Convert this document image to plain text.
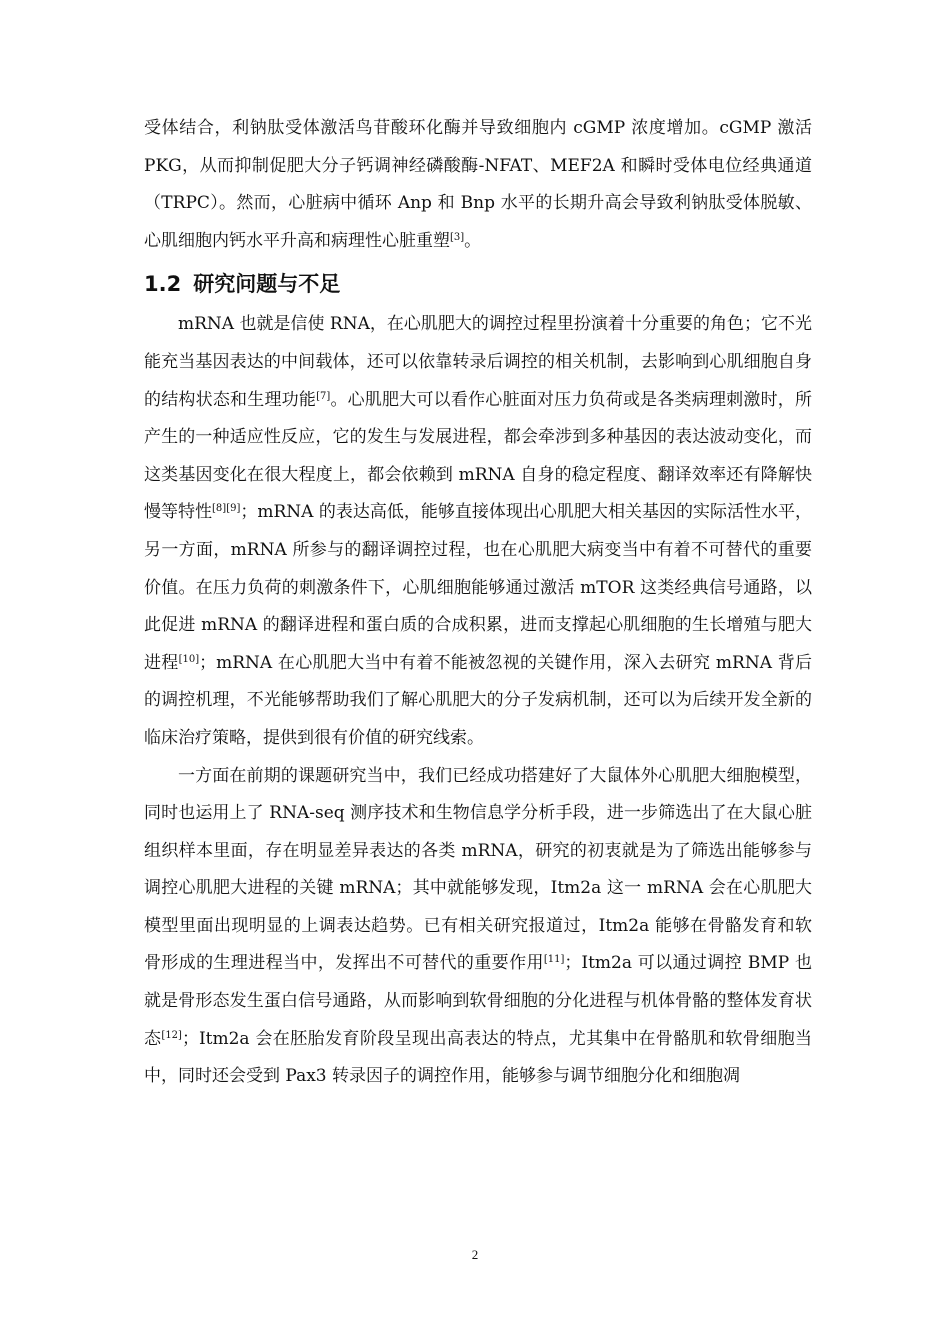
受体结合，利钠肽受体激活鸟苷酸环化酶并导致细胞内 cGMP 浓度增加。cGMP 激活 PKG，从而抑制促肥大分子钙调神经磷酸酶-NFAT、MEF2A 和瞬时受体电位经典通道（TRPC）。然而，心脏病中循环 Anp 和 Bnp 水平的长期升高会导致利钠肽受体脱敏、心肌细胞内钙水平升高和病理性心脏重塑[3]。

1.2 研究问题与不足

mRNA 也就是信使 RNA，在心肌肥大的调控过程里扮演着十分重要的角色；它不光能充当基因表达的中间载体，还可以依靠转录后调控的相关机制，去影响到心肌细胞自身的结构状态和生理功能[7]。心肌肥大可以看作心脏面对压力负荷或是各类病理刺激时，所产生的一种适应性反应，它的发生与发展进程，都会牵涉到多种基因的表达波动变化，而这类基因变化在很大程度上，都会依赖到 mRNA 自身的稳定程度、翻译效率还有降解快慢等特性[8][9]；mRNA 的表达高低，能够直接体现出心肌肥大相关基因的实际活性水平，另一方面，mRNA 所参与的翻译调控过程，也在心肌肥大病变当中有着不可替代的重要价值。在压力负荷的刺激条件下，心肌细胞能够通过激活 mTOR 这类经典信号通路，以此促进 mRNA 的翻译进程和蛋白质的合成积累，进而支撑起心肌细胞的生长增殖与肥大进程[10]；mRNA 在心肌肥大当中有着不能被忽视的关键作用，深入去研究 mRNA 背后的调控机理，不光能够帮助我们了解心肌肥大的分子发病机制，还可以为后续开发全新的临床治疗策略，提供到很有价值的研究线索。

一方面在前期的课题研究当中，我们已经成功搭建好了大鼠体外心肌肥大细胞模型，同时也运用上了 RNA-seq 测序技术和生物信息学分析手段，进一步筛选出了在大鼠心脏组织样本里面，存在明显差异表达的各类 mRNA，研究的初衷就是为了筛选出能够参与调控心肌肥大进程的关键 mRNA；其中就能够发现，Itm2a 这一 mRNA 会在心肌肥大模型里面出现明显的上调表达趋势。已有相关研究报道过，Itm2a 能够在骨骼发育和软骨形成的生理进程当中，发挥出不可替代的重要作用[11]；Itm2a 可以通过调控 BMP 也就是骨形态发生蛋白信号通路，从而影响到软骨细胞的分化进程与机体骨骼的整体发育状态[12]；Itm2a 会在胚胎发育阶段呈现出高表达的特点，尤其集中在骨骼肌和软骨细胞当中，同时还会受到 Pax3 转录因子的调控作用，能够参与调节细胞分化和细胞凋

2
